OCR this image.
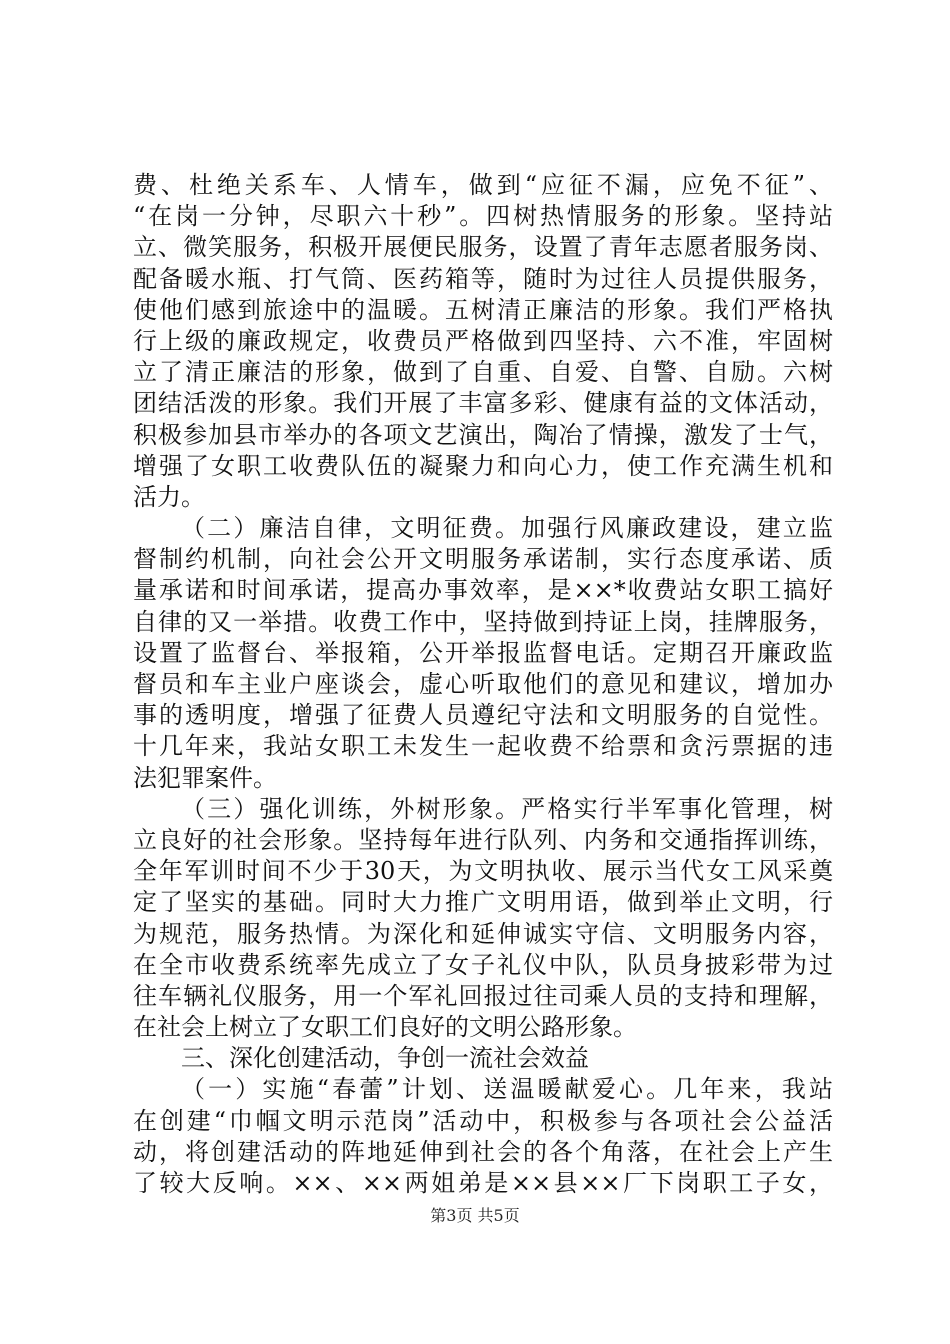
费、杜绝关系车、人情车，做到“应征不漏，应免不征”、
“在岗一分钟，尽职六十秒”。四树热情服务的形象。坚持站
立、微笑服务，积极开展便民服务，设置了青年志愿者服务岗、
配备暖水瓶、打气筒、医药箱等，随时为过往人员提供服务，
使他们感到旅途中的温暖。五树清正廉洁的形象。我们严格执
行上级的廉政规定，收费员严格做到四坚持、六不准，牢固树
立了清正廉洁的形象，做到了自重、自爱、自警、自励。六树
团结活泼的形象。我们开展了丰富多彩、健康有益的文体活动，
积极参加县市举办的各项文艺演出，陶冶了情操，激发了士气，
增强了女职工收费队伍的凝聚力和向心力，使工作充满生机和
活力。
（二）廉洁自律，文明征费。加强行风廉政建设，建立监
督制约机制，向社会公开文明服务承诺制，实行态度承诺、质
量承诺和时间承诺，提高办事效率，是××*收费站女职工搞好
自律的又一举措。收费工作中，坚持做到持证上岗，挂牌服务，
设置了监督台、举报箱，公开举报监督电话。定期召开廉政监
督员和车主业户座谈会，虚心听取他们的意见和建议，增加办
事的透明度，增强了征费人员遵纪守法和文明服务的自觉性。
十几年来，我站女职工未发生一起收费不给票和贪污票据的违
法犯罪案件。
（三）强化训练，外树形象。严格实行半军事化管理，树
立良好的社会形象。坚持每年进行队列、内务和交通指挥训练，
全年军训时间不少于30天，为文明执收、展示当代女工风采奠
定了坚实的基础。同时大力推广文明用语，做到举止文明，行
为规范，服务热情。为深化和延伸诚实守信、文明服务内容，
在全市收费系统率先成立了女子礼仪中队，队员身披彩带为过
往车辆礼仪服务，用一个军礼回报过往司乘人员的支持和理解，
在社会上树立了女职工们良好的文明公路形象。
三、深化创建活动，争创一流社会效益
（一）实施“春蕾”计划、送温暖献爱心。几年来，我站
在创建“巾帼文明示范岗”活动中，积极参与各项社会公益活
动，将创建活动的阵地延伸到社会的各个角落，在社会上产生
了较大反响。××、××两姐弟是××县××厂下岗职工子女，
第3页 共5页
